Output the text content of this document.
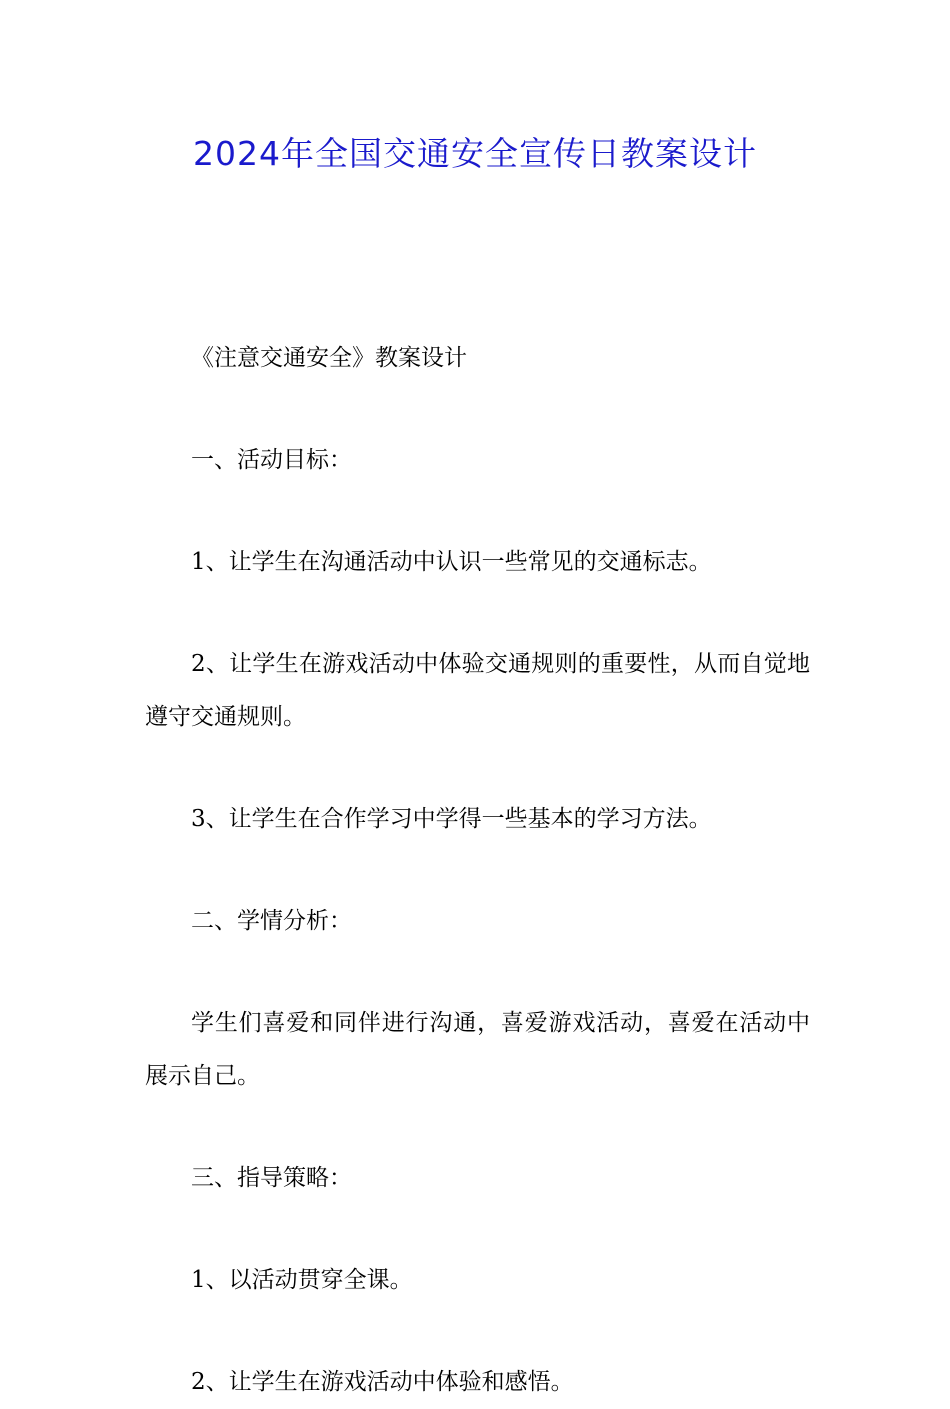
2024年全国交通安全宣传日教案设计

《注意交通安全》教案设计

一、活动目标：

1、让学生在沟通活动中认识一些常见的交通标志。

2、让学生在游戏活动中体验交通规则的重要性，从而自觉地遵守交通规则。

3、让学生在合作学习中学得一些基本的学习方法。

二、学情分析：

学生们喜爱和同伴进行沟通，喜爱游戏活动，喜爱在活动中展示自己。

三、指导策略：

1、以活动贯穿全课。

2、让学生在游戏活动中体验和感悟。
